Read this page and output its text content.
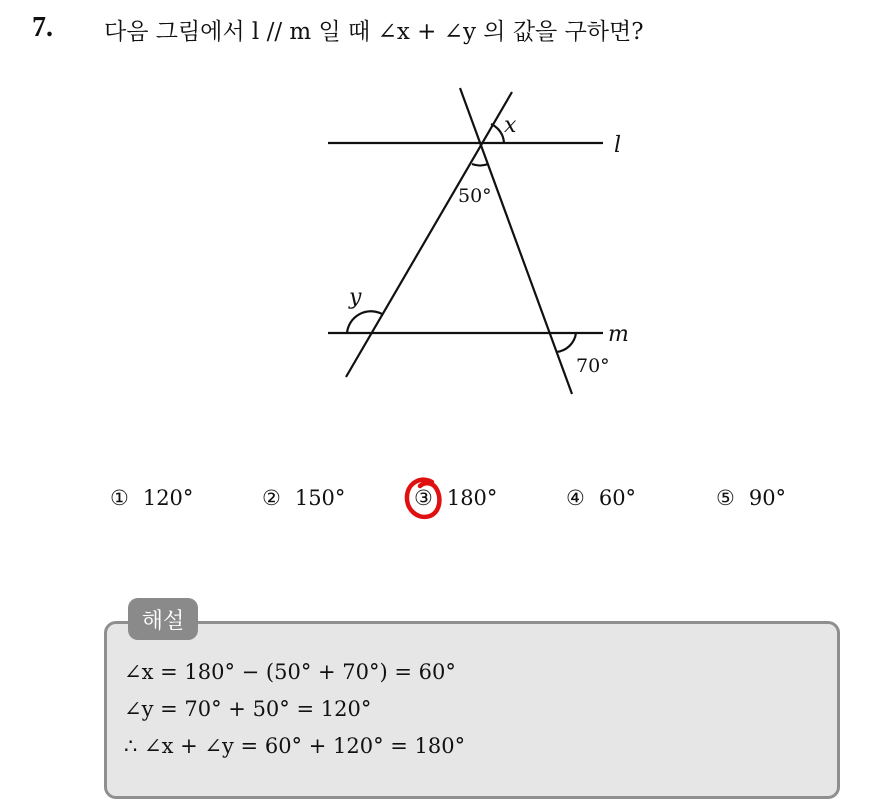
7. 다음 그림에서 l // m 일 때 ∠x + ∠y 의 값을 구하면?
x
l
50°
y
m
70°
① 120°	② 150°	③ 180°	④ 60°	⑤ 90°
해설
∠x = 180° − (50° + 70°) = 60°
∠y = 70° + 50° = 120°
∴ ∠x + ∠y = 60° + 120° = 180°
